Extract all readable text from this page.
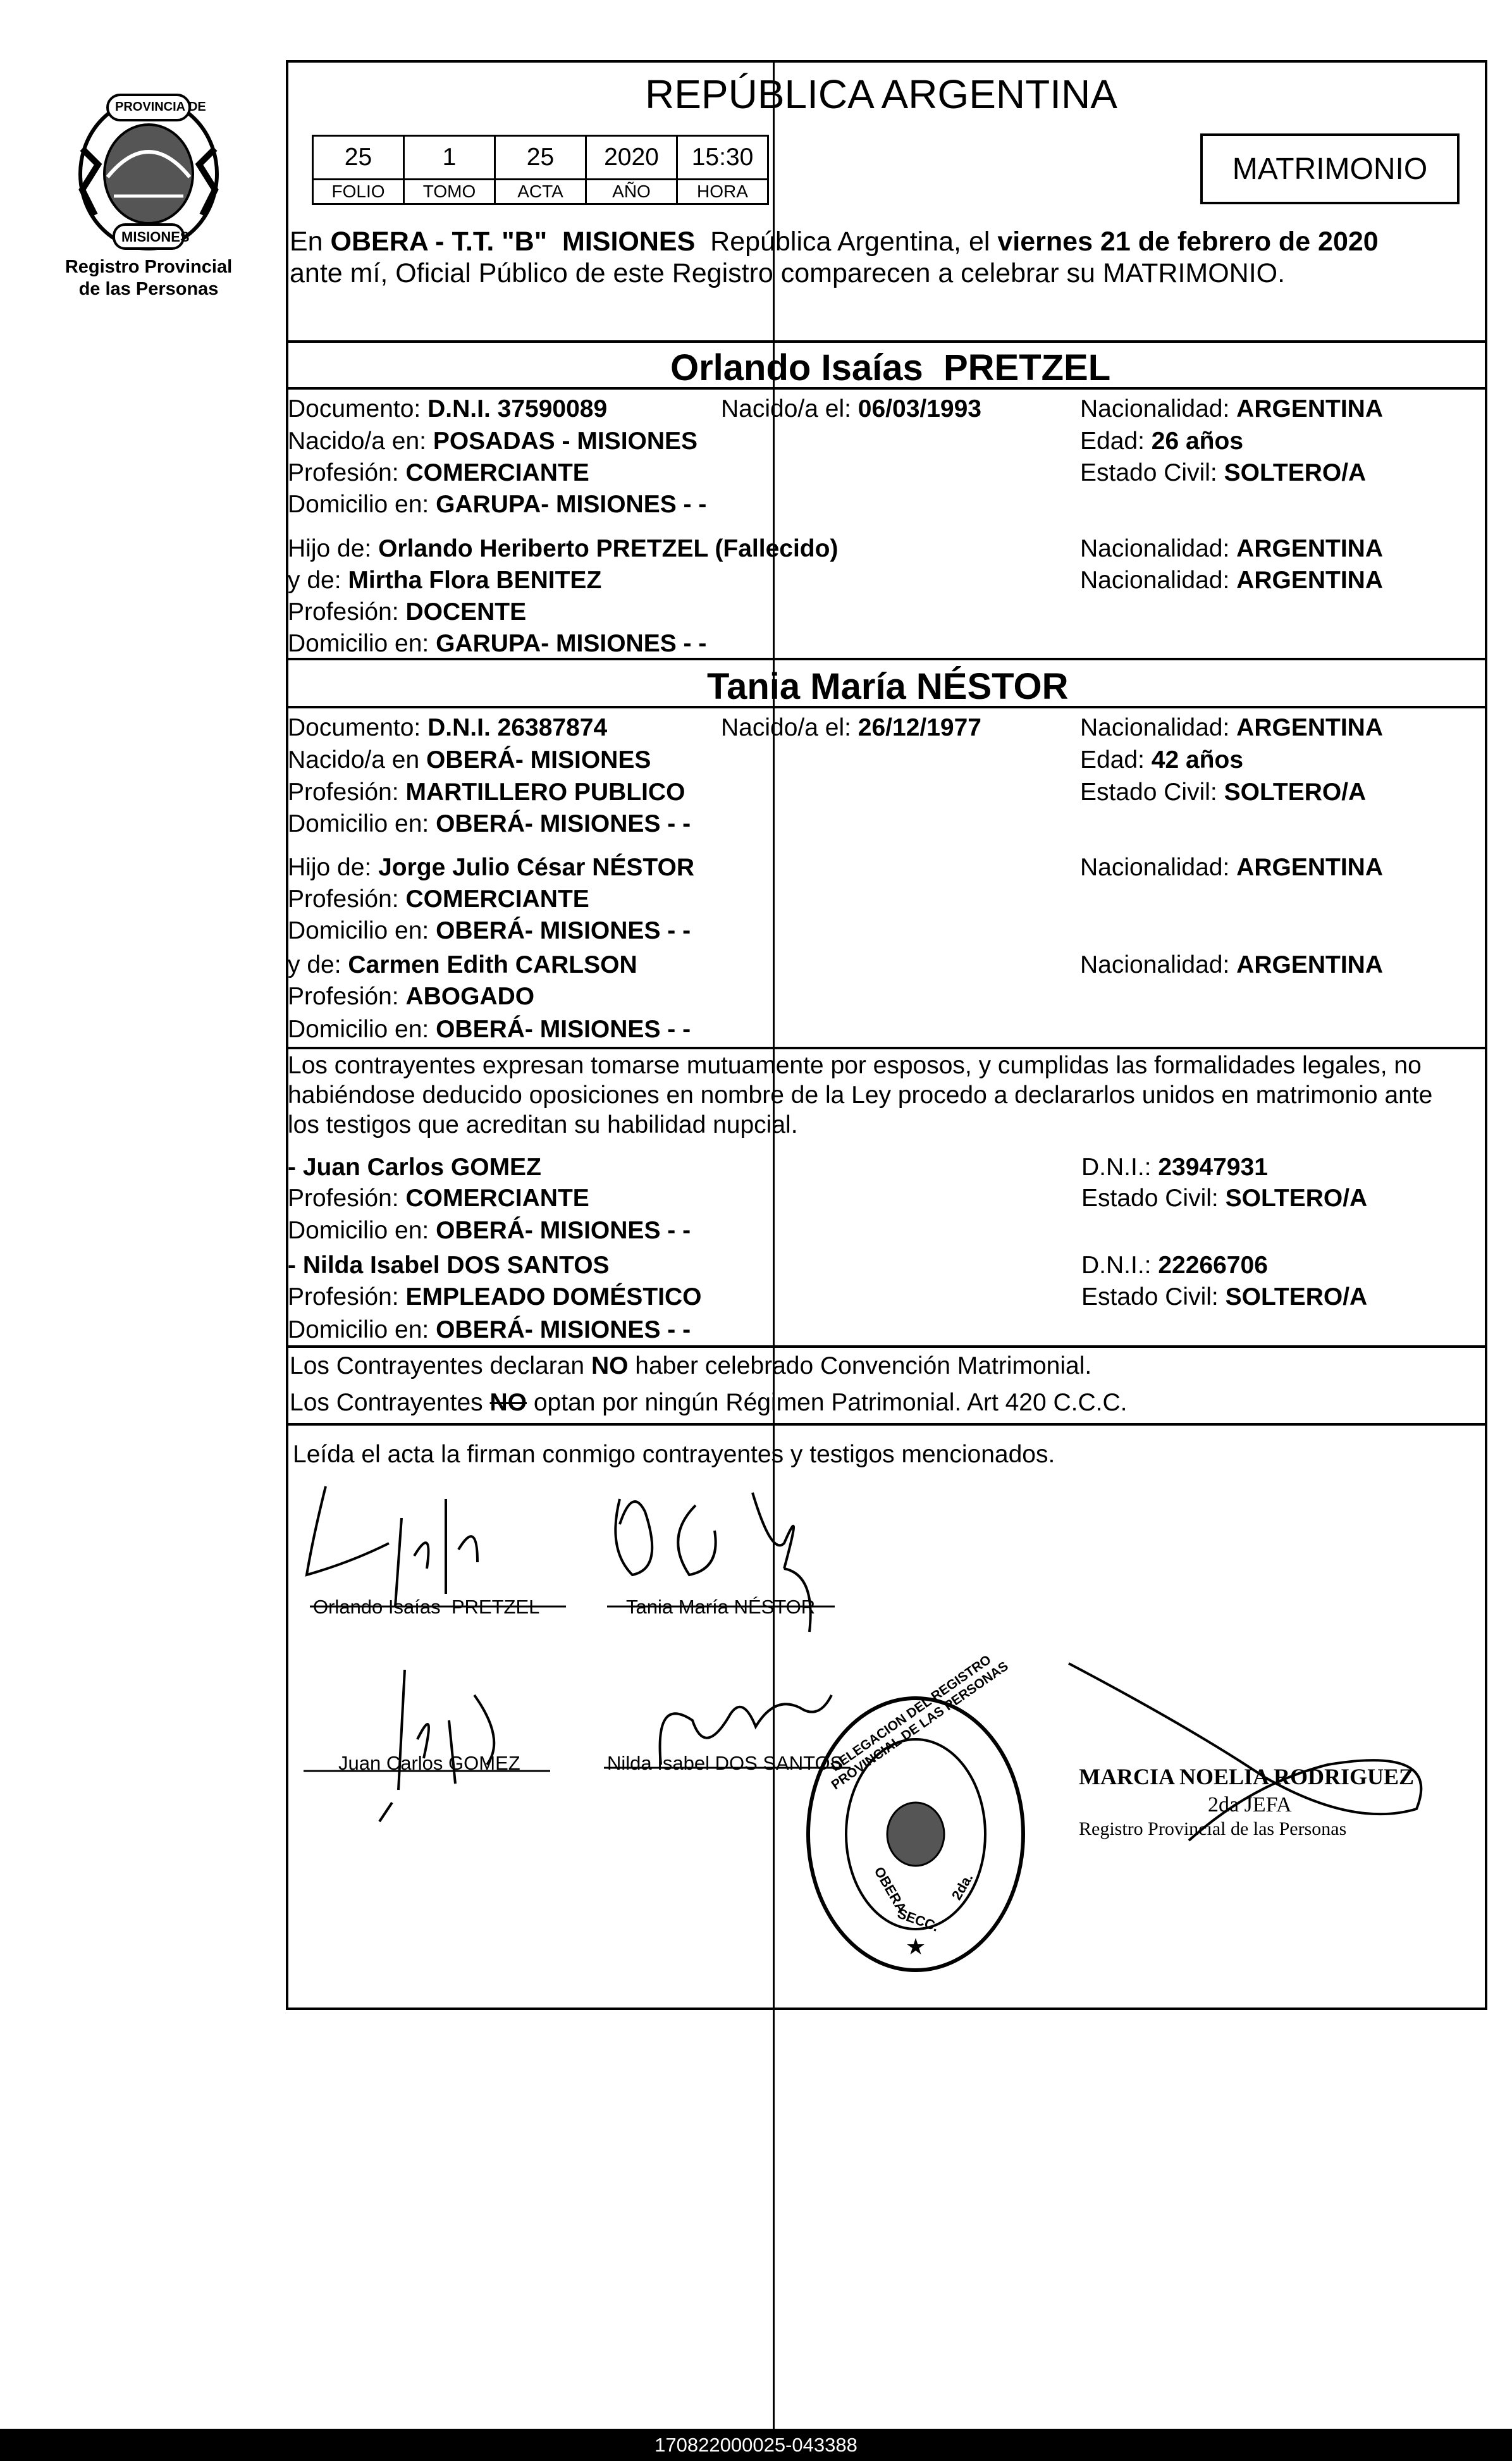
PROVINCIA DE
MISIONES
Registro Provincial
de las Personas
REPÚBLICA ARGENTINA
25	1	25	2020	15:30
FOLIO	TOMO	ACTA	AÑO	HORA
MATRIMONIO
En OBERA - T.T. "B"  MISIONES  República Argentina, el viernes 21 de febrero de 2020
ante mí, Oficial Público de este Registro comparecen a celebrar su MATRIMONIO.
Orlando Isaías  PRETZEL
Documento: D.N.I. 37590089	Nacido/a el: 06/03/1993	Nacionalidad: ARGENTINA
Nacido/a en: POSADAS - MISIONES	Edad: 26 años
Profesión: COMERCIANTE	Estado Civil: SOLTERO/A
Domicilio en: GARUPA- MISIONES - -
Hijo de: Orlando Heriberto PRETZEL (Fallecido)	Nacionalidad: ARGENTINA
y de: Mirtha Flora BENITEZ	Nacionalidad: ARGENTINA
Profesión: DOCENTE
Domicilio en: GARUPA- MISIONES - -
Tania María NÉSTOR
Documento: D.N.I. 26387874	Nacido/a el: 26/12/1977	Nacionalidad: ARGENTINA
Nacido/a en OBERÁ- MISIONES	Edad: 42 años
Profesión: MARTILLERO PUBLICO	Estado Civil: SOLTERO/A
Domicilio en: OBERÁ- MISIONES - -
Hijo de: Jorge Julio César NÉSTOR	Nacionalidad: ARGENTINA
Profesión: COMERCIANTE
Domicilio en: OBERÁ- MISIONES - -
y de: Carmen Edith CARLSON	Nacionalidad: ARGENTINA
Profesión: ABOGADO
Domicilio en: OBERÁ- MISIONES - -
Los contrayentes expresan tomarse mutuamente por esposos, y cumplidas las formalidades legales, no
habiéndose deducido oposiciones en nombre de la Ley procedo a declararlos unidos en matrimonio ante
los testigos que acreditan su habilidad nupcial.
- Juan Carlos GOMEZ	D.N.I.: 23947931
Profesión: COMERCIANTE	Estado Civil: SOLTERO/A
Domicilio en: OBERÁ- MISIONES - -
- Nilda Isabel DOS SANTOS	D.N.I.: 22266706
Profesión: EMPLEADO DOMÉSTICO	Estado Civil: SOLTERO/A
Domicilio en: OBERÁ- MISIONES - -
Los Contrayentes declaran NO haber celebrado Convención Matrimonial.
Los Contrayentes NO optan por ningún Régimen Patrimonial. Art 420 C.C.C.
Leída el acta la firman conmigo contrayentes y testigos mencionados.
Orlando Isaías  PRETZEL	Tania María NÉSTOR
Juan Carlos GOMEZ	Nilda Isabel DOS SANTOS
★
DELEGACION DEL REGISTRO PROVINCIAL DE LAS PERSONAS
OBERA	2da.
SECC.
MARCIA NOELIA RODRIGUEZ
2da JEFA
Registro Provincial de las Personas
170822000025-043388
